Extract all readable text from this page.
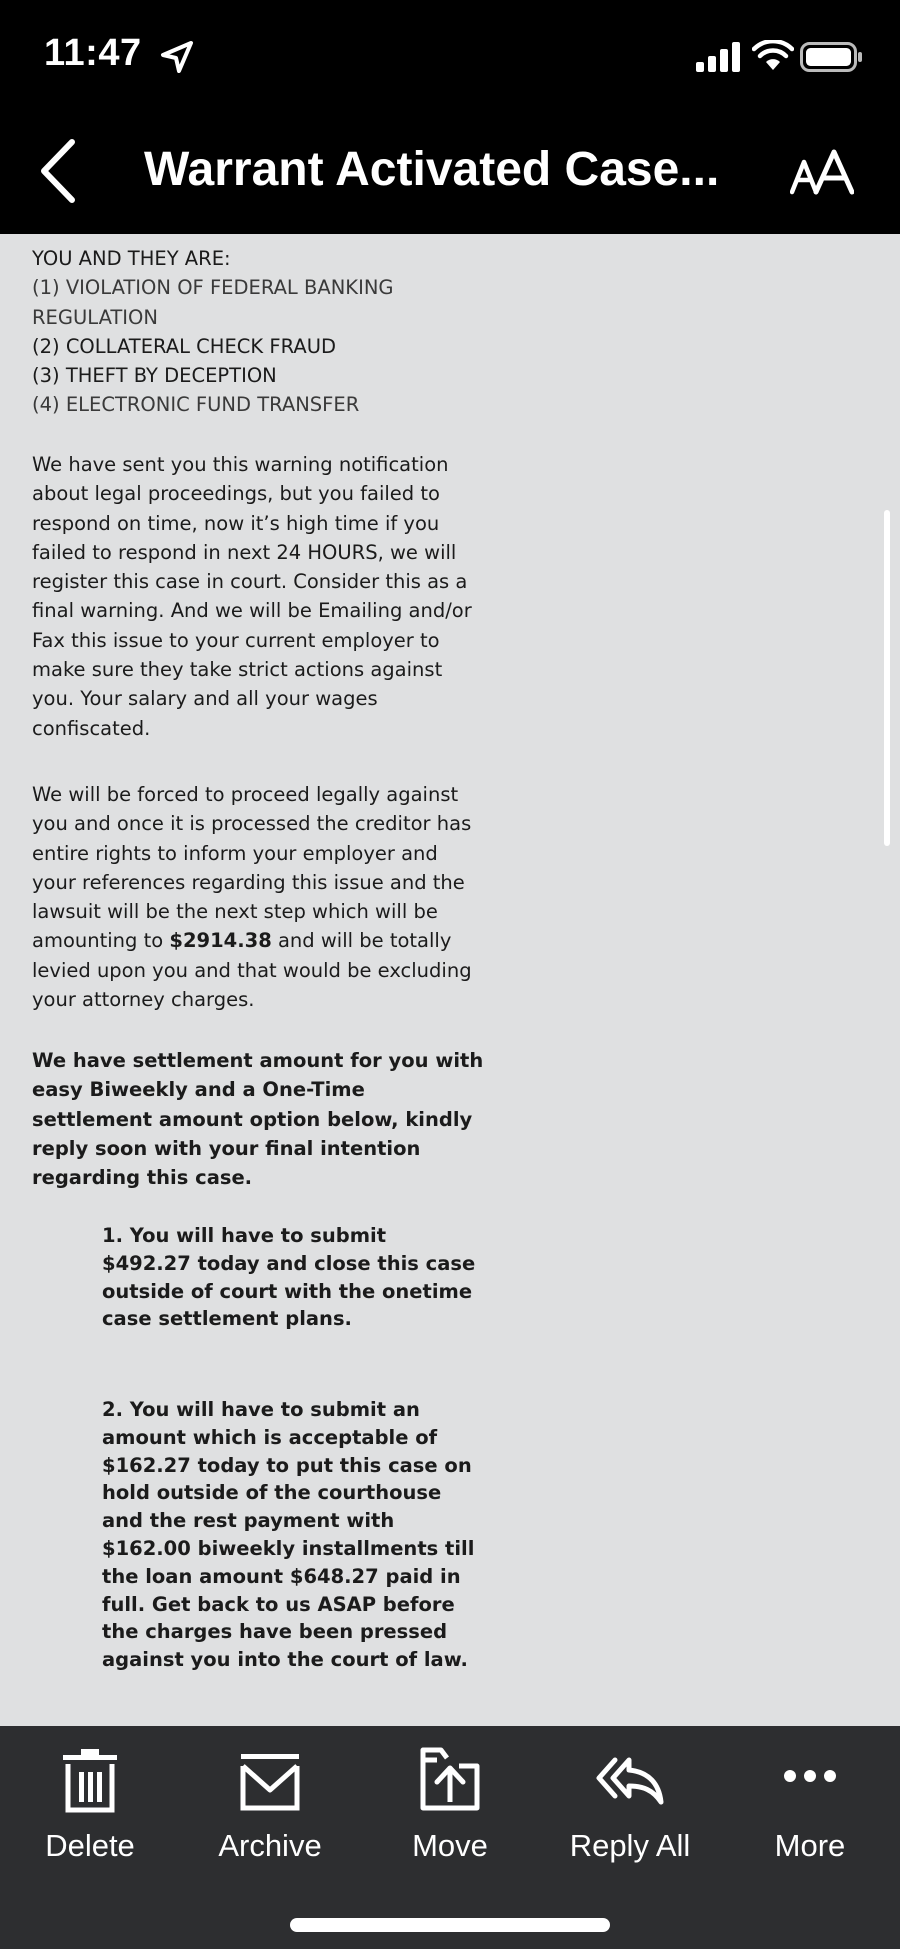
11:47
Warrant Activated Case...
YOU AND THEY ARE:
(1) VIOLATION OF FEDERAL BANKING
REGULATION
(2) COLLATERAL CHECK FRAUD
(3) THEFT BY DECEPTION
(4) ELECTRONIC FUND TRANSFER
We have sent you this warning notification
about legal proceedings, but you failed to
respond on time, now it’s high time if you
failed to respond in next 24 HOURS, we will
register this case in court. Consider this as a
final warning. And we will be Emailing and/or
Fax this issue to your current employer to
make sure they take strict actions against
you. Your salary and all your wages
confiscated.
We will be forced to proceed legally against
you and once it is processed the creditor has
entire rights to inform your employer and
your references regarding this issue and the
lawsuit will be the next step which will be
amounting to $2914.38 and will be totally
levied upon you and that would be excluding
your attorney charges.
We have settlement amount for you with
easy Biweekly and a One-Time
settlement amount option below, kindly
reply soon with your final intention
regarding this case.
1. You will have to submit
$492.27 today and close this case
outside of court with the onetime
case settlement plans.
2. You will have to submit an
amount which is acceptable of
$162.27 today to put this case on
hold outside of the courthouse
and the rest payment with
$162.00 biweekly installments till
the loan amount $648.27 paid in
full. Get back to us ASAP before
the charges have been pressed
against you into the court of law.
Delete	Archive	Move	Reply All	More
